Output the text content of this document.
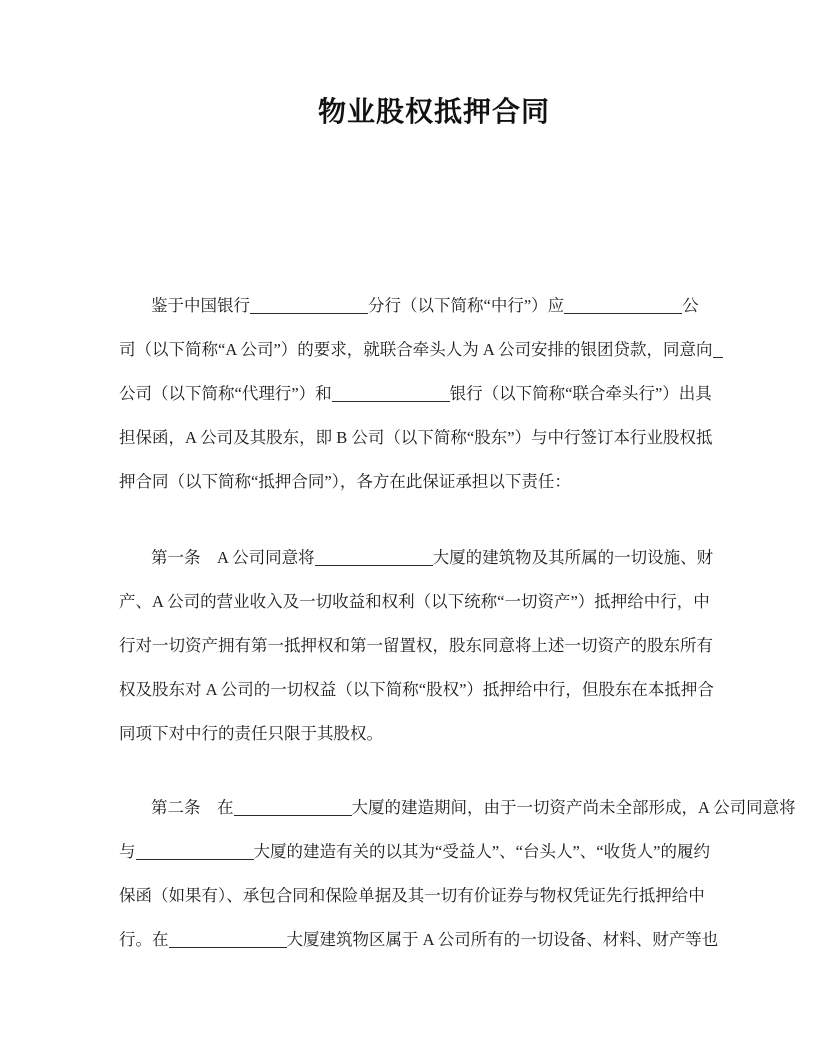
物业股权抵押合同
鉴于中国银行	分行（以下简称“中行”）应	公
司（以下简称“A 公司”）的要求，就联合牵头人为 A 公司安排的银团贷款，同意向
公司（以下简称“代理行”）和	银行（以下简称“联合牵头行”）出具
担保函，A 公司及其股东，即 B 公司（以下简称“股东”）与中行签订本行业股权抵
押合同（以下简称“抵押合同”），各方在此保证承担以下责任：
第一条　A 公司同意将	大厦的建筑物及其所属的一切设施、财
产、A 公司的营业收入及一切收益和权利（以下统称“一切资产”）抵押给中行，中
行对一切资产拥有第一抵押权和第一留置权，股东同意将上述一切资产的股东所有
权及股东对 A 公司的一切权益（以下简称“股权”）抵押给中行，但股东在本抵押合
同项下对中行的责任只限于其股权。
第二条　在	大厦的建造期间，由于一切资产尚未全部形成，A 公司同意将
与	大厦的建造有关的以其为“受益人”、“台头人”、“收货人”的履约
保函（如果有）、承包合同和保险单据及其一切有价证券与物权凭证先行抵押给中
行。在	大厦建筑物区属于 A 公司所有的一切设备、材料、财产等也
